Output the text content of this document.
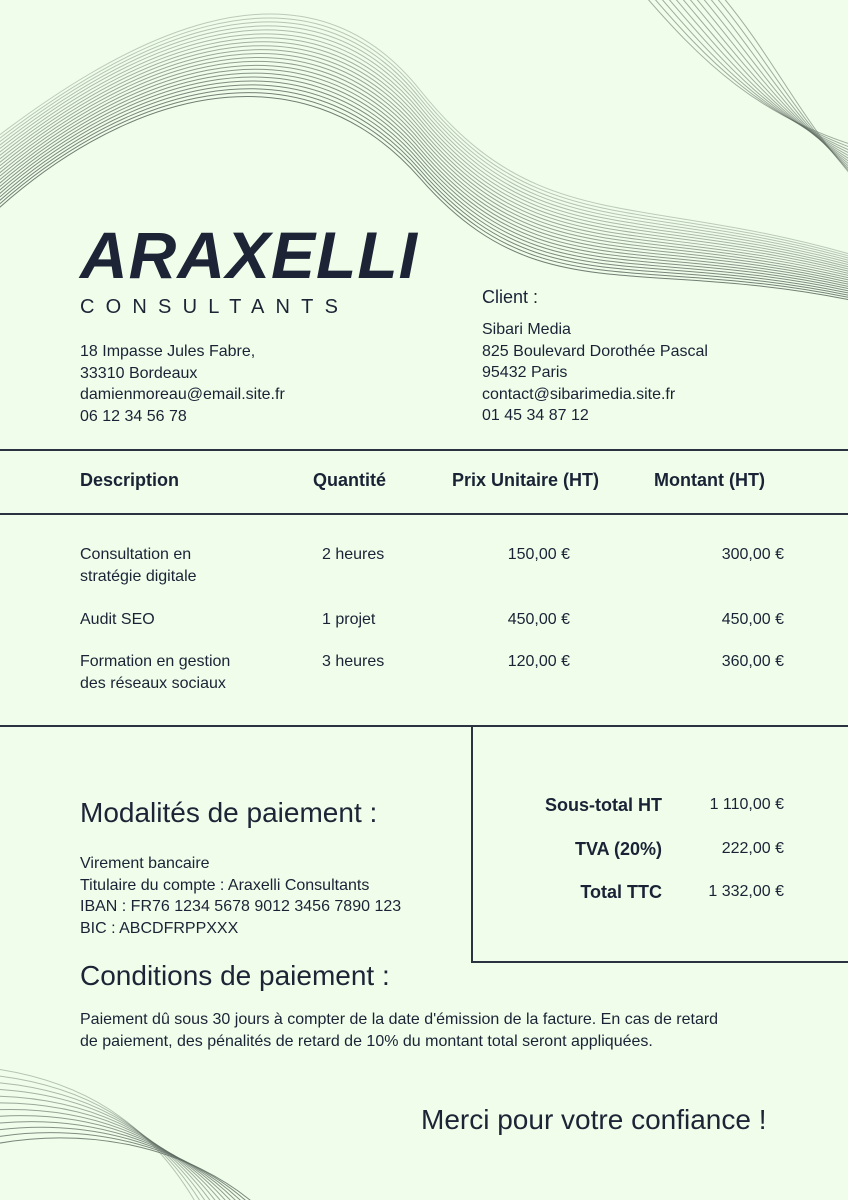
ARAXELLI
CONSULTANTS
18 Impasse Jules Fabre,
33310 Bordeaux
damienmoreau@email.site.fr
06 12 34 56 78
Client :
Sibari Media
825 Boulevard Dorothée Pascal
95432 Paris
contact@sibarimedia.site.fr
01 45 34 87 12
Description	Quantité	Prix Unitaire (HT)	Montant (HT)
Consultation en
stratégie digitale
2 heures	150,00 €	300,00 €
Audit SEO	1 projet	450,00 €	450,00 €
Formation en gestion
des réseaux sociaux
3 heures	120,00 €	360,00 €
Sous-total HT	1 110,00 €
TVA (20%)	222,00 €
Total TTC	1 332,00 €
Modalités de paiement :
Virement bancaire
Titulaire du compte : Araxelli Consultants
IBAN : FR76 1234 5678 9012 3456 7890 123
BIC : ABCDFRPPXXX
Conditions de paiement :
Paiement dû sous 30 jours à compter de la date d'émission de la facture. En cas de retard
de paiement, des pénalités de retard de 10% du montant total seront appliquées.
Merci pour votre confiance !
